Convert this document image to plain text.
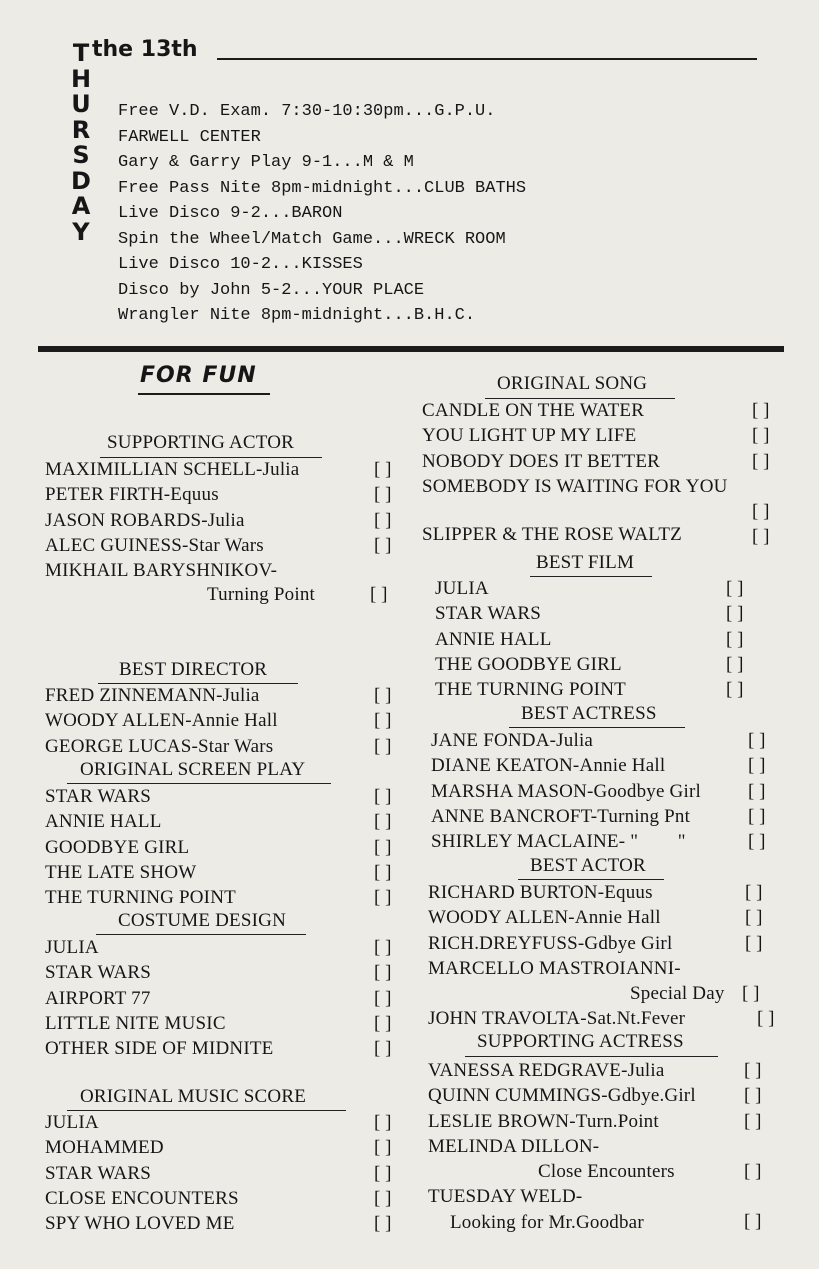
the 13th
T
H
U
R
S
D
A
Y
Free V.D. Exam. 7:30-10:30pm...G.P.U.
FARWELL CENTER
Gary & Garry Play 9-1...M & M
Free Pass Nite 8pm-midnight...CLUB BATHS
Live Disco 9-2...BARON
Spin the Wheel/Match Game...WRECK ROOM
Live Disco 10-2...KISSES
Disco by John 5-2...YOUR PLACE
Wrangler Nite 8pm-midnight...B.H.C.
FOR FUN
SUPPORTING ACTOR
MAXIMILLIAN SCHELL-Julia
PETER FIRTH-Equus
JASON ROBARDS-Julia
ALEC GUINESS-Star Wars
MIKHAIL BARYSHNIKOV-
Turning Point
[ ]
[ ]
[ ]
[ ]
[ ]
BEST DIRECTOR
FRED ZINNEMANN-Julia
WOODY ALLEN-Annie Hall
GEORGE LUCAS-Star Wars
[ ]
[ ]
[ ]
ORIGINAL SCREEN PLAY
STAR WARS
ANNIE HALL
GOODBYE GIRL
THE LATE SHOW
THE TURNING POINT
[ ]
[ ]
[ ]
[ ]
[ ]
COSTUME DESIGN
JULIA
STAR WARS
AIRPORT 77
LITTLE NITE MUSIC
OTHER SIDE OF MIDNITE
[ ]
[ ]
[ ]
[ ]
[ ]
ORIGINAL MUSIC SCORE
JULIA
MOHAMMED
STAR WARS
CLOSE ENCOUNTERS
SPY WHO LOVED ME
[ ]
[ ]
[ ]
[ ]
[ ]
ORIGINAL SONG
CANDLE ON THE WATER
YOU LIGHT UP MY LIFE
NOBODY DOES IT BETTER
SOMEBODY IS WAITING FOR YOU
SLIPPER & THE ROSE WALTZ
[ ]
[ ]
[ ]
[ ]
[ ]
BEST FILM
JULIA
STAR WARS
ANNIE HALL
THE GOODBYE GIRL
THE TURNING POINT
[ ]
[ ]
[ ]
[ ]
[ ]
BEST ACTRESS
JANE FONDA-Julia
DIANE KEATON-Annie Hall
MARSHA MASON-Goodbye Girl
ANNE BANCROFT-Turning Pnt
SHIRLEY MACLAINE- "        "
[ ]
[ ]
[ ]
[ ]
[ ]
BEST ACTOR
RICHARD BURTON-Equus
WOODY ALLEN-Annie Hall
RICH.DREYFUSS-Gdbye Girl
MARCELLO MASTROIANNI-
Special Day
JOHN TRAVOLTA-Sat.Nt.Fever
[ ]
[ ]
[ ]
[ ]
[ ]
SUPPORTING ACTRESS
VANESSA REDGRAVE-Julia
QUINN CUMMINGS-Gdbye.Girl
LESLIE BROWN-Turn.Point
MELINDA DILLON-
Close Encounters
TUESDAY WELD-
Looking for Mr.Goodbar
[ ]
[ ]
[ ]
[ ]
[ ]
